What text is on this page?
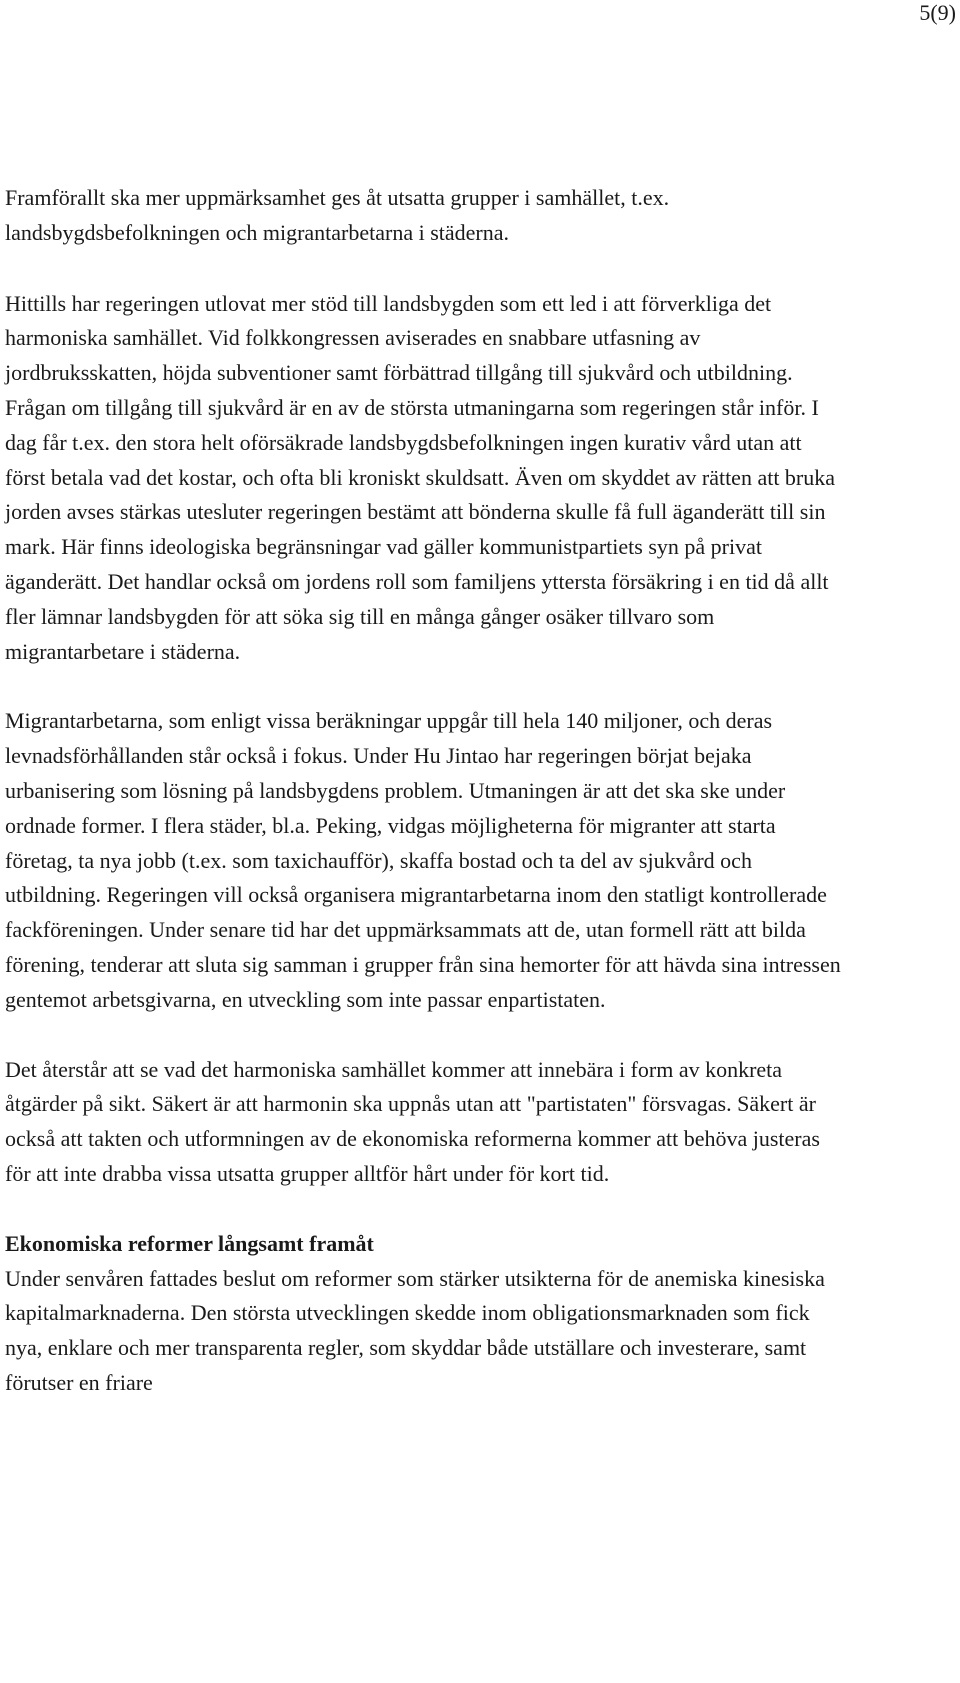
5(9)

Framförallt ska mer uppmärksamhet ges åt utsatta grupper i samhället, t.ex. landsbygdsbefolkningen och migrantarbetarna i städerna.

Hittills har regeringen utlovat mer stöd till landsbygden som ett led i att förverkliga det harmoniska samhället. Vid folkkongressen aviserades en snabbare utfasning av jordbruksskatten, höjda subventioner samt förbättrad tillgång till sjukvård och utbildning. Frågan om tillgång till sjukvård är en av de största utmaningarna som regeringen står inför. I dag får t.ex. den stora helt oförsäkrade landsbygdsbefolkningen ingen kurativ vård utan att först betala vad det kostar, och ofta bli kroniskt skuldsatt. Även om skyddet av rätten att bruka jorden avses stärkas utesluter regeringen bestämt att bönderna skulle få full äganderätt till sin mark. Här finns ideologiska begränsningar vad gäller kommunistpartiets syn på privat äganderätt. Det handlar också om jordens roll som familjens yttersta försäkring i en tid då allt fler lämnar landsbygden för att söka sig till en många gånger osäker tillvaro som migrantarbetare i städerna.

Migrantarbetarna, som enligt vissa beräkningar uppgår till hela 140 miljoner, och deras levnadsförhållanden står också i fokus. Under Hu Jintao har regeringen börjat bejaka urbanisering som lösning på landsbygdens problem. Utmaningen är att det ska ske under ordnade former. I flera städer, bl.a. Peking, vidgas möjligheterna för migranter att starta företag, ta nya jobb (t.ex. som taxichaufför), skaffa bostad och ta del av sjukvård och utbildning. Regeringen vill också organisera migrantarbetarna inom den statligt kontrollerade fackföreningen. Under senare tid har det uppmärksammats att de, utan formell rätt att bilda förening, tenderar att sluta sig samman i grupper från sina hemorter för att hävda sina intressen gentemot arbetsgivarna, en utveckling som inte passar enpartistaten.

Det återstår att se vad det harmoniska samhället kommer att innebära i form av konkreta åtgärder på sikt. Säkert är att harmonin ska uppnås utan att "partistaten" försvagas. Säkert är också att takten och utformningen av de ekonomiska reformerna kommer att behöva justeras för att inte drabba vissa utsatta grupper alltför hårt under för kort tid.

Ekonomiska reformer långsamt framåt

Under senvåren fattades beslut om reformer som stärker utsikterna för de anemiska kinesiska kapitalmarknaderna. Den största utvecklingen skedde inom obligationsmarknaden som fick nya, enklare och mer transparenta regler, som skyddar både utställare och investerare, samt förutser en friare
